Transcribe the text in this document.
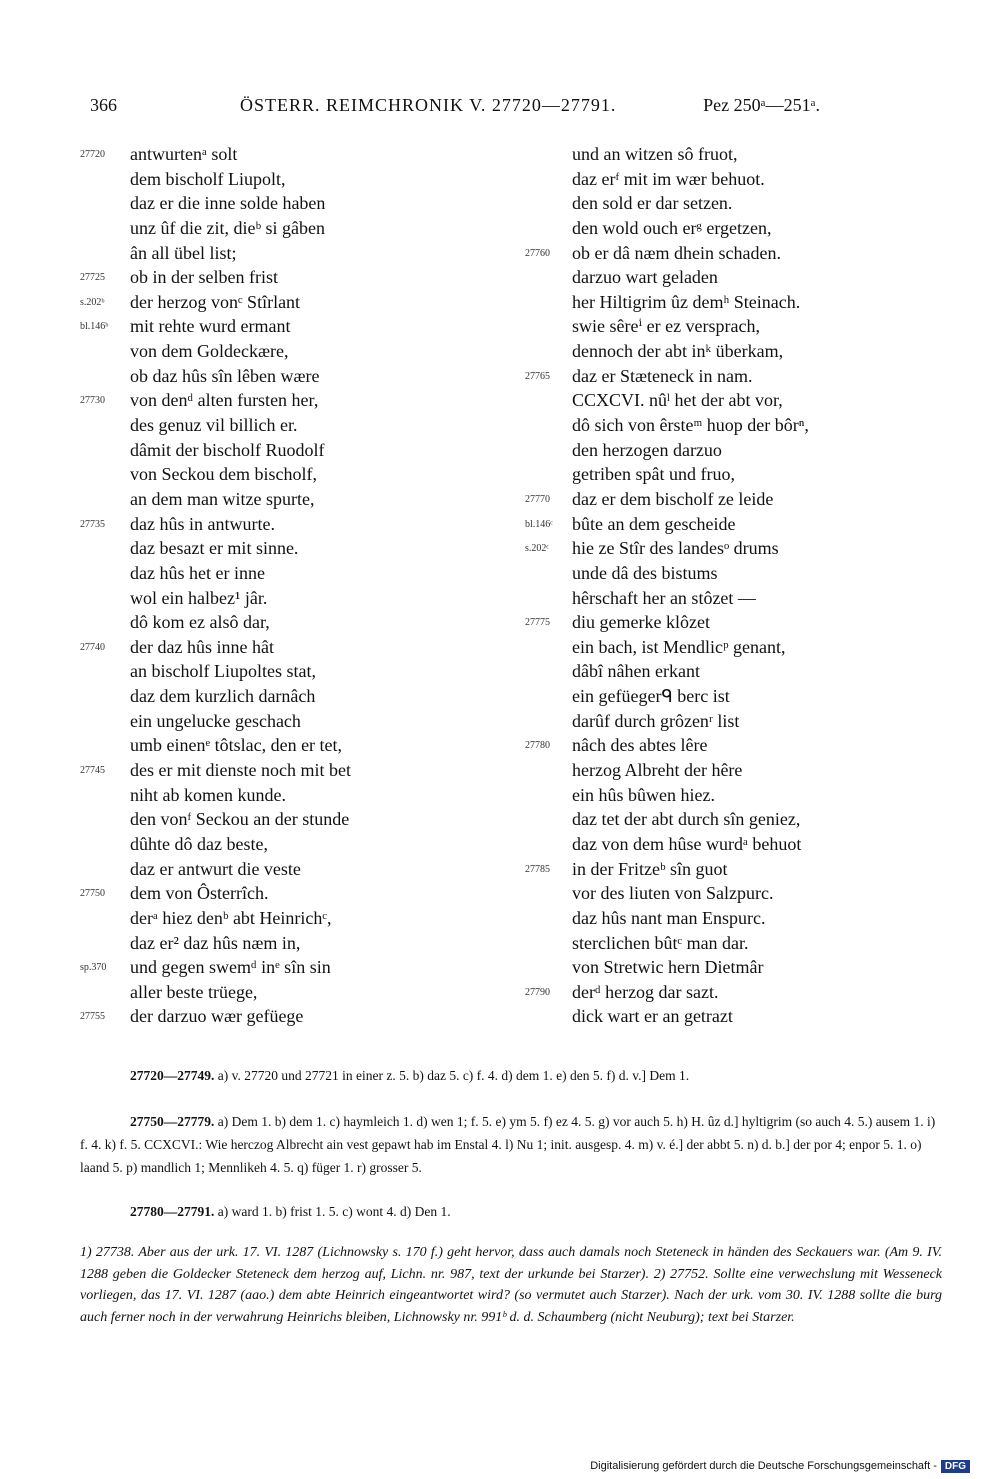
366	ÖSTERR. REIMCHRONIK V. 27720—27791.	Pez 250ᵃ—251ᵃ.
27720 antwurtenᵃ solt
dem bischolf Liupolt,
daz er die inne solde haben
unz ûf die zit, dieᵇ si gâben
ân all übel list;
27725 ob in der selben frist
s.202ᵇ der herzog vonᶜ Stîrlant
bl.146ᵇ mit rehte wurd ermant
von dem Goldeckære,
ob daz hûs sîn lêben wære
27730 von denᵈ alten fursten her,
des genuz vil billich er.
dâmit der bischolf Ruodolf
von Seckou dem bischolf,
an dem man witze spurte,
27735 daz hûs in antwurte.
daz besazt er mit sinne.
daz hûs het er inne
wol ein halbez¹ jâr.
dô kom ez alsô dar,
27740 der daz hûs inne hât
an bischolf Liupoltes stat,
daz dem kurzlich darnâch
ein ungelucke geschach
umb einenᵉ tôtslac, den er tet,
27745 des er mit dienste noch mit bet
niht ab komen kunde.
den vonᶠ Seckou an der stunde
dûhte dô daz beste,
daz er antwurt die veste
27750 dem von Ôsterrîch.
derᵃ hiez denᵇ abt Heinrichᶜ,
daz er² daz hûs næm in,
sp.370 und gegen swemᵈ inᵉ sîn sin
aller beste trüege,
27755 der darzuo wær gefüege
und an witzen sô fruot,
daz erᶠ mit im wær behuot.
den sold er dar setzen.
den wold ouch erᵍ ergetzen,
27760 ob er dâ næm dhein schaden.
darzuo wart geladen
her Hiltigrim ûz demʰ Steinach.
swie sêreⁱ er ez versprach,
dennoch der abt inᵏ überkam,
27765 daz er Stæteneck in nam.
CCXCVI. nûˡ het der abt vor,
dô sich von êrsteᵐ huop der bôrⁿ,
den herzogen darzuo
getriben spât und fruo,
27770 daz er dem bischolf ze leide
bl.146ᶜ bûte an dem gescheide
s.202ᶜ hie ze Stîr des landesᵒ drums
unde dâ des bistums
hêrschaft her an stôzet —
27775 diu gemerke klôzet
ein bach, ist Mendlicᵖ genant,
dâbî nâhen erkant
ein gefüegerᑫ berc ist
darûf durch grôzenʳ list
27780 nâch des abtes lêre
herzog Albreht der hêre
ein hûs bûwen hiez.
daz tet der abt durch sîn geniez,
daz von dem hûse wurdᵃ behuot
27785 in der Fritzeᵇ sîn guot
vor des liuten von Salzpurc.
daz hûs nant man Enspurc.
sterclichen bûtᶜ man dar.
von Stretwic hern Dietmâr
27790 derᵈ herzog dar sazt.
dick wart er an getrazt
27720—27749. a) v. 27720 und 27721 in einer z. 5. b) daz 5. c) f. 4. d) dem 1. e) den 5. f) d. v.] Dem 1.
27750—27779. a) Dem 1. b) dem 1. c) haymleich 1. d) wen 1; f. 5. e) ym 5. f) ez 4. 5. g) vor auch 5. h) H. ûz d.] hyltigrim (so auch 4. 5.) ausem 1. i) f. 4. k) f. 5. CCXCVI.: Wie herczog Albrecht ain vest gepawt hab im Enstal 4. l) Nu 1; init. ausgesp. 4. m) v. é.] der abbt 5. n) d. b.] der por 4; enpor 5. 1. o) laand 5. p) mandlich 1; Mennlikeh 4. 5. q) füger 1. r) grosser 5.
27780—27791. a) ward 1. b) frist 1. 5. c) wont 4. d) Den 1.
1) 27738. Aber aus der urk. 17. VI. 1287 (Lichnowsky s. 170 f.) geht hervor, dass auch damals noch Steteneck in händen des Seckauers war. (Am 9. IV. 1288 geben die Goldecker Steteneck dem herzog auf, Lichn. nr. 987, text der urkunde bei Starzer). 2) 27752. Sollte eine verwechslung mit Wesseneck vorliegen, das 17. VI. 1287 (aao.) dem abte Heinrich eingeantwortet wird? (so vermutet auch Starzer). Nach der urk. vom 30. IV. 1288 sollte die burg auch ferner noch in der verwahrung Heinrichs bleiben, Lichnowsky nr. 991ᵇ d. d. Schaumberg (nicht Neuburg); text bei Starzer.
Digitalisierung gefördert durch die Deutsche Forschungsgemeinschaft - DFG
